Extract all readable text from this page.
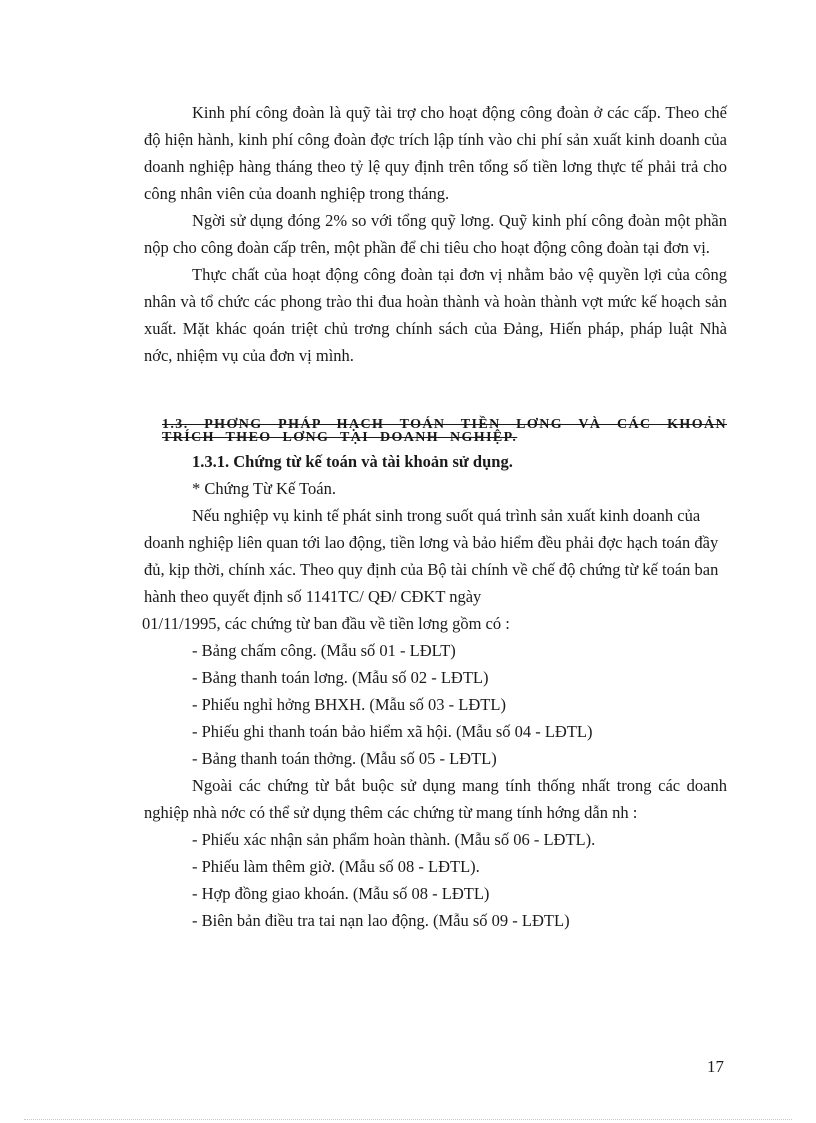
Kinh phí công đoàn là quỹ tài trợ cho hoạt động công đoàn ở các cấp. Theo chế độ hiện hành, kinh phí công đoàn đợc trích lập tính vào chi phí sản xuất kinh doanh của doanh nghiệp hàng tháng theo tỷ lệ quy định trên tổng số tiền lơng thực tế phải trả cho công nhân viên của doanh nghiệp trong tháng.

Ngời sử dụng đóng 2% so với tổng quỹ lơng. Quỹ kinh phí công đoàn một phần nộp cho công đoàn cấp trên, một phần để chi tiêu cho hoạt động công đoàn tại đơn vị.

Thực chất của hoạt động công đoàn tại đơn vị nhằm bảo vệ quyền lợi của công nhân và tổ chức các phong trào thi đua hoàn thành và hoàn thành vợt mức kế hoạch sản xuất. Mặt khác qoán triệt chủ trơng chính sách của Đảng, Hiến pháp, pháp luật Nhà nớc, nhiệm vụ của đơn vị mình.

1.3. PHƠNG PHÁP HẠCH TOÁN TIỀN LƠNG VÀ CÁC KHOẢN TRÍCH THEO LƠNG TẠI DOANH NGHIỆP.

1.3.1. Chứng từ kế toán và tài khoản sử dụng.

* Chứng Từ Kế Toán.

Nếu nghiệp vụ kinh tế phát sinh trong suốt quá trình sản xuất kinh doanh của doanh nghiệp liên quan tới lao động, tiền lơng và bảo hiểm đều phải đợc hạch toán đầy đủ, kịp thời, chính xác. Theo quy định của Bộ tài chính về chế độ chứng từ kế toán ban hành theo quyết định số 1141TC/ QĐ/ CĐKT ngày

01/11/1995, các chứng từ ban đầu về tiền lơng gồm có :

- Bảng chấm công. (Mẫu số 01 - LĐLT)

- Bảng thanh toán lơng. (Mẫu số 02 - LĐTL)

- Phiếu nghỉ hởng BHXH. (Mẫu số 03 - LĐTL)

- Phiếu ghi thanh toán bảo hiểm xã hội. (Mẫu số 04 - LĐTL)

- Bảng thanh toán thởng. (Mẫu số 05 - LĐTL)

Ngoài các chứng từ bắt buộc sử dụng mang tính thống nhất trong các doanh nghiệp nhà nớc có thể sử dụng thêm các chứng từ mang tính hớng dẫn nh :

- Phiếu xác nhận sản phẩm hoàn thành. (Mẫu số 06 - LĐTL).

- Phiếu làm thêm giờ. (Mẫu số 08 - LĐTL).

- Hợp đồng giao khoán. (Mẫu số 08 - LĐTL)

- Biên bản điều tra tai nạn lao động. (Mẫu số 09 - LĐTL)

17
